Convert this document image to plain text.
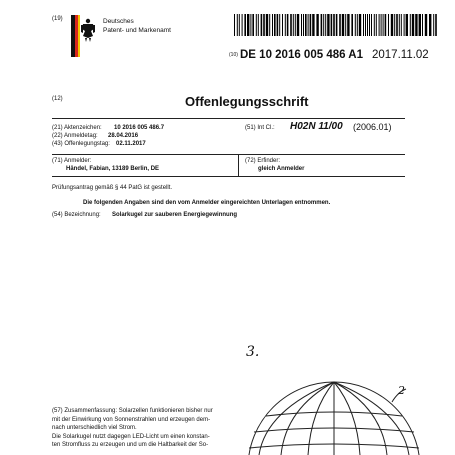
(19)	Deutsches
Patent- und Markenamt
(10) DE 10 2016 005 486 A1 2017.11.02
(12)	Offenlegungsschrift
(21) Aktenzeichen: 10 2016 005 486.7
(22) Anmeldetag: 28.04.2016
(43) Offenlegungstag: 02.11.2017
(51) Int Cl.: H02N 11/00 (2006.01)
(71) Anmelder:
Händel, Fabian, 13189 Berlin, DE
(72) Erfinder:
gleich Anmelder
Prüfungsantrag gemäß § 44 PatG ist gestellt.
Die folgenden Angaben sind den vom Anmelder eingereichten Unterlagen entnommen.
(54) Bezeichnung: Solarkugel zur sauberen Energiegewinnung
(57) Zusammenfassung: Solarzellen funktionieren bisher nur
mit der Einwirkung von Sonnenstrahlen und erzeugen dem-
nach unterschiedlich viel Strom.
Die Solarkugel nutzt dagegen LED-Licht um einen konstan-
ten Stromfluss zu erzeugen und um die Haltbarkeit der So-
3.
2
